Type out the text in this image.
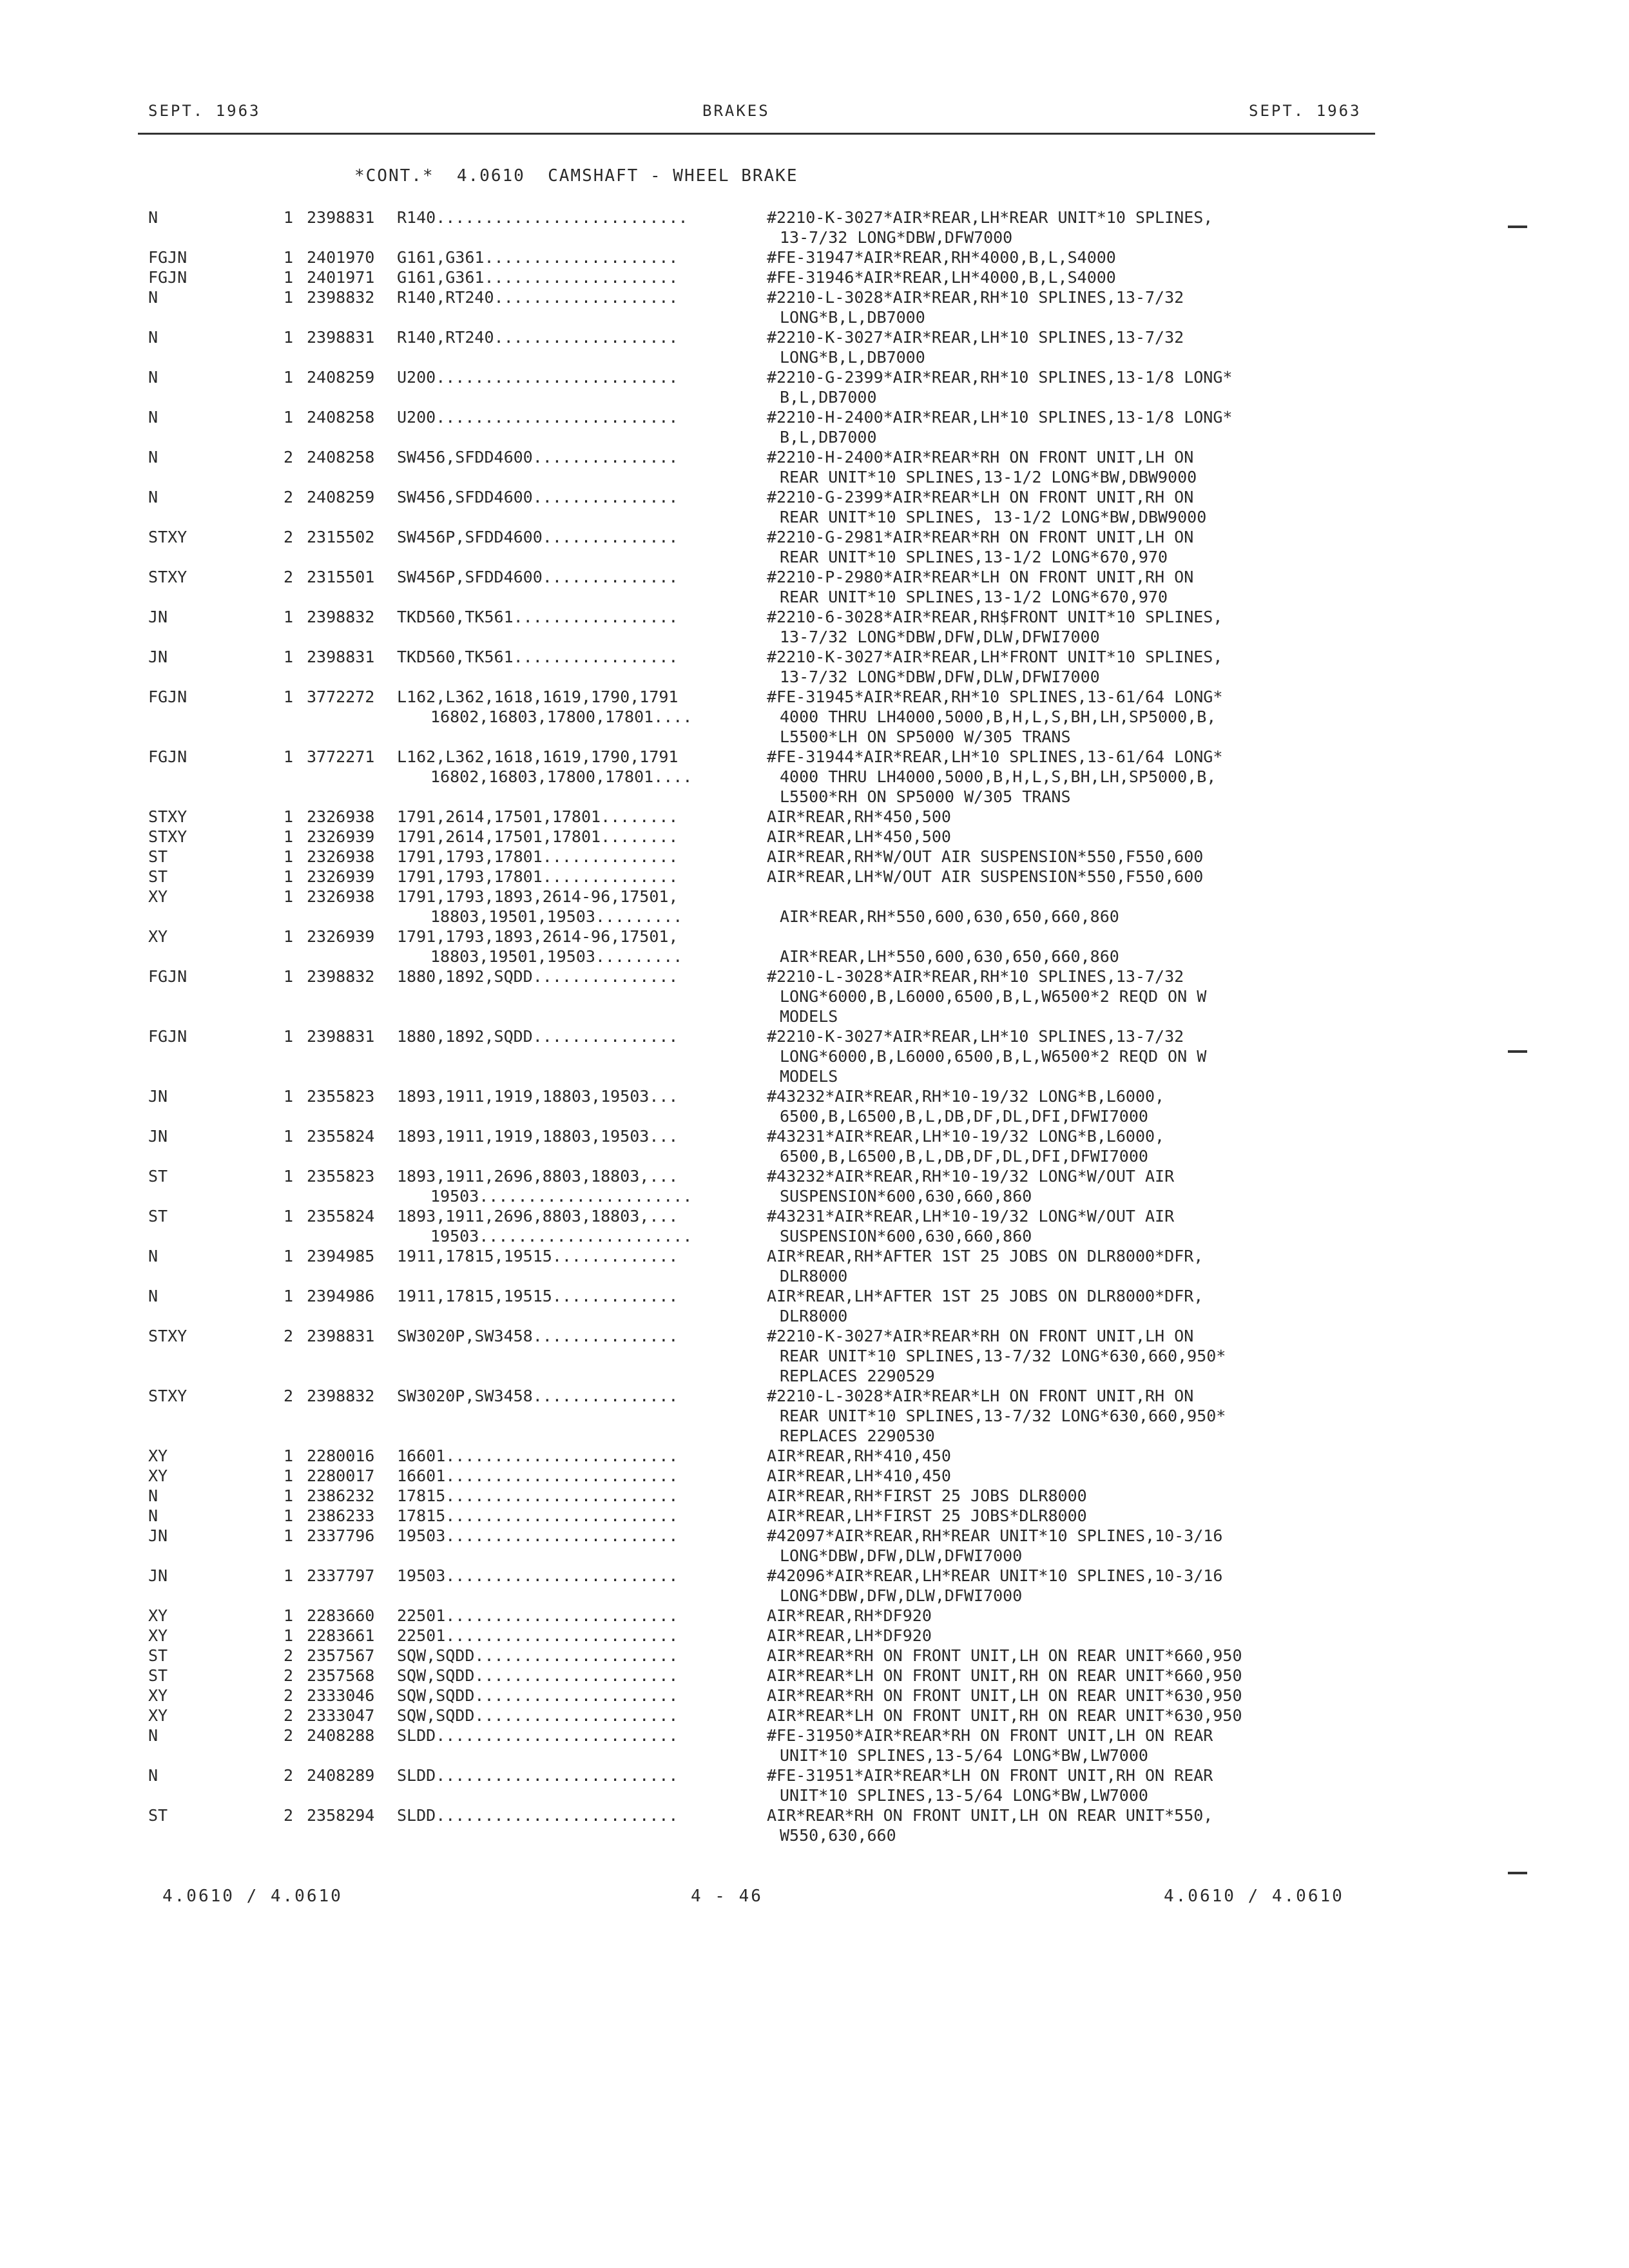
SEPT. 1963	BRAKES	SEPT. 1963
*CONT.*  4.0610  CAMSHAFT - WHEEL BRAKE
N	1 2398831 R140..........................	#2210-K-3027*AIR*REAR,LH*REAR UNIT*10 SPLINES,
13-7/32 LONG*DBW,DFW7000
FGJN	1 2401970 G161,G361....................	#FE-31947*AIR*REAR,RH*4000,B,L,S4000
FGJN	1 2401971 G161,G361....................	#FE-31946*AIR*REAR,LH*4000,B,L,S4000
N	1 2398832 R140,RT240...................	#2210-L-3028*AIR*REAR,RH*10 SPLINES,13-7/32
LONG*B,L,DB7000
N	1 2398831 R140,RT240...................	#2210-K-3027*AIR*REAR,LH*10 SPLINES,13-7/32
LONG*B,L,DB7000
N	1 2408259 U200.........................	#2210-G-2399*AIR*REAR,RH*10 SPLINES,13-1/8 LONG*
B,L,DB7000
N	1 2408258 U200.........................	#2210-H-2400*AIR*REAR,LH*10 SPLINES,13-1/8 LONG*
B,L,DB7000
N	2 2408258 SW456,SFDD4600...............	#2210-H-2400*AIR*REAR*RH ON FRONT UNIT,LH ON
REAR UNIT*10 SPLINES,13-1/2 LONG*BW,DBW9000
N	2 2408259 SW456,SFDD4600...............	#2210-G-2399*AIR*REAR*LH ON FRONT UNIT,RH ON
REAR UNIT*10 SPLINES, 13-1/2 LONG*BW,DBW9000
STXY	2 2315502 SW456P,SFDD4600..............	#2210-G-2981*AIR*REAR*RH ON FRONT UNIT,LH ON
REAR UNIT*10 SPLINES,13-1/2 LONG*670,970
STXY	2 2315501 SW456P,SFDD4600..............	#2210-P-2980*AIR*REAR*LH ON FRONT UNIT,RH ON
REAR UNIT*10 SPLINES,13-1/2 LONG*670,970
JN	1 2398832 TKD560,TK561.................	#2210-6-3028*AIR*REAR,RH$FRONT UNIT*10 SPLINES,
13-7/32 LONG*DBW,DFW,DLW,DFWI7000
JN	1 2398831 TKD560,TK561.................	#2210-K-3027*AIR*REAR,LH*FRONT UNIT*10 SPLINES,
13-7/32 LONG*DBW,DFW,DLW,DFWI7000
FGJN	1 3772272 L162,L362,1618,1619,1790,1791	#FE-31945*AIR*REAR,RH*10 SPLINES,13-61/64 LONG*
16802,16803,17800,17801....	4000 THRU LH4000,5000,B,H,L,S,BH,LH,SP5000,B,
L5500*LH ON SP5000 W/305 TRANS
FGJN	1 3772271 L162,L362,1618,1619,1790,1791	#FE-31944*AIR*REAR,LH*10 SPLINES,13-61/64 LONG*
16802,16803,17800,17801....	4000 THRU LH4000,5000,B,H,L,S,BH,LH,SP5000,B,
L5500*RH ON SP5000 W/305 TRANS
STXY	1 2326938 1791,2614,17501,17801........	AIR*REAR,RH*450,500
STXY	1 2326939 1791,2614,17501,17801........	AIR*REAR,LH*450,500
ST	1 2326938 1791,1793,17801..............	AIR*REAR,RH*W/OUT AIR SUSPENSION*550,F550,600
ST	1 2326939 1791,1793,17801..............	AIR*REAR,LH*W/OUT AIR SUSPENSION*550,F550,600
XY	1 2326938 1791,1793,1893,2614-96,17501,
18803,19501,19503.........	AIR*REAR,RH*550,600,630,650,660,860
XY	1 2326939 1791,1793,1893,2614-96,17501,
18803,19501,19503.........	AIR*REAR,LH*550,600,630,650,660,860
FGJN	1 2398832 1880,1892,SQDD...............	#2210-L-3028*AIR*REAR,RH*10 SPLINES,13-7/32
LONG*6000,B,L6000,6500,B,L,W6500*2 REQD ON W
MODELS
FGJN	1 2398831 1880,1892,SQDD...............	#2210-K-3027*AIR*REAR,LH*10 SPLINES,13-7/32
LONG*6000,B,L6000,6500,B,L,W6500*2 REQD ON W
MODELS
JN	1 2355823 1893,1911,1919,18803,19503...	#43232*AIR*REAR,RH*10-19/32 LONG*B,L6000,
6500,B,L6500,B,L,DB,DF,DL,DFI,DFWI7000
JN	1 2355824 1893,1911,1919,18803,19503...	#43231*AIR*REAR,LH*10-19/32 LONG*B,L6000,
6500,B,L6500,B,L,DB,DF,DL,DFI,DFWI7000
ST	1 2355823 1893,1911,2696,8803,18803,...	#43232*AIR*REAR,RH*10-19/32 LONG*W/OUT AIR
19503......................	SUSPENSION*600,630,660,860
ST	1 2355824 1893,1911,2696,8803,18803,...	#43231*AIR*REAR,LH*10-19/32 LONG*W/OUT AIR
19503......................	SUSPENSION*600,630,660,860
N	1 2394985 1911,17815,19515.............	AIR*REAR,RH*AFTER 1ST 25 JOBS ON DLR8000*DFR,
DLR8000
N	1 2394986 1911,17815,19515.............	AIR*REAR,LH*AFTER 1ST 25 JOBS ON DLR8000*DFR,
DLR8000
STXY	2 2398831 SW3020P,SW3458...............	#2210-K-3027*AIR*REAR*RH ON FRONT UNIT,LH ON
REAR UNIT*10 SPLINES,13-7/32 LONG*630,660,950*
REPLACES 2290529
STXY	2 2398832 SW3020P,SW3458...............	#2210-L-3028*AIR*REAR*LH ON FRONT UNIT,RH ON
REAR UNIT*10 SPLINES,13-7/32 LONG*630,660,950*
REPLACES 2290530
XY	1 2280016 16601........................	AIR*REAR,RH*410,450
XY	1 2280017 16601........................	AIR*REAR,LH*410,450
N	1 2386232 17815........................	AIR*REAR,RH*FIRST 25 JOBS DLR8000
N	1 2386233 17815........................	AIR*REAR,LH*FIRST 25 JOBS*DLR8000
JN	1 2337796 19503........................	#42097*AIR*REAR,RH*REAR UNIT*10 SPLINES,10-3/16
LONG*DBW,DFW,DLW,DFWI7000
JN	1 2337797 19503........................	#42096*AIR*REAR,LH*REAR UNIT*10 SPLINES,10-3/16
LONG*DBW,DFW,DLW,DFWI7000
XY	1 2283660 22501........................	AIR*REAR,RH*DF920
XY	1 2283661 22501........................	AIR*REAR,LH*DF920
ST	2 2357567 SQW,SQDD.....................	AIR*REAR*RH ON FRONT UNIT,LH ON REAR UNIT*660,950
ST	2 2357568 SQW,SQDD.....................	AIR*REAR*LH ON FRONT UNIT,RH ON REAR UNIT*660,950
XY	2 2333046 SQW,SQDD.....................	AIR*REAR*RH ON FRONT UNIT,LH ON REAR UNIT*630,950
XY	2 2333047 SQW,SQDD.....................	AIR*REAR*LH ON FRONT UNIT,RH ON REAR UNIT*630,950
N	2 2408288 SLDD.........................	#FE-31950*AIR*REAR*RH ON FRONT UNIT,LH ON REAR
UNIT*10 SPLINES,13-5/64 LONG*BW,LW7000
N	2 2408289 SLDD.........................	#FE-31951*AIR*REAR*LH ON FRONT UNIT,RH ON REAR
UNIT*10 SPLINES,13-5/64 LONG*BW,LW7000
ST	2 2358294 SLDD.........................	AIR*REAR*RH ON FRONT UNIT,LH ON REAR UNIT*550,
W550,630,660
4.0610 / 4.0610	4 - 46	4.0610 / 4.0610
